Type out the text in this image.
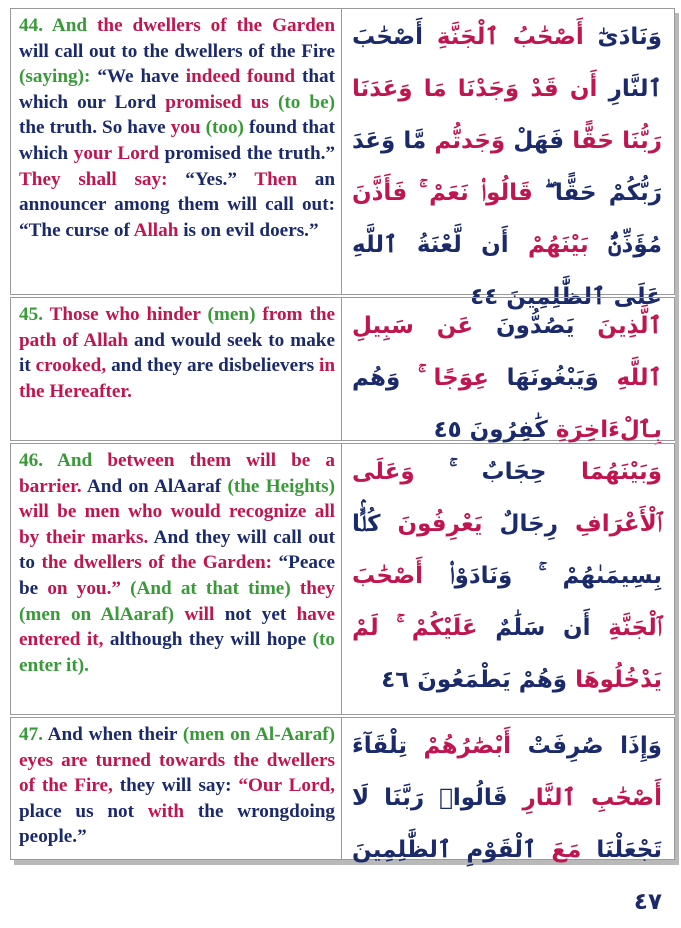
44. And the dwellers of the Garden will call out to the dwellers of the Fire (saying): “We have indeed found that which our Lord promised us (to be) the truth. So have you (too) found that which your Lord promised the truth.” They shall say: “Yes.” Then an announcer among them will call out: “The curse of Allah is on evil doers.”
وَنَادَىٰٓ أَصْحَٰبُ ٱلْجَنَّةِ أَصْحَٰبَ ٱلنَّارِ أَن قَدْ وَجَدْنَا مَا وَعَدَنَا رَبُّنَا حَقًّا فَهَلْ وَجَدتُّم مَّا وَعَدَ رَبُّكُمْ حَقًّا ۖ قَالُوا۟ نَعَمْ ۚ فَأَذَّنَ مُؤَذِّنٌۢ بَيْنَهُمْ أَن لَّعْنَةُ ٱللَّهِ عَلَى ٱلظَّٰلِمِينَ ٤٤
45. Those who hinder (men) from the path of Allah and would seek to make it crooked, and they are disbelievers in the Hereafter.
ٱلَّذِينَ يَصُدُّونَ عَن سَبِيلِ ٱللَّهِ وَيَبْغُونَهَا عِوَجًا ۚ وَهُم بِٱلْءَاخِرَةِ كَٰفِرُونَ ٤٥
46. And between them will be a barrier. And on AlAaraf (the Heights) will be men who would recognize all by their marks. And they will call out to the dwellers of the Garden: “Peace be on you.” (And at that time) they (men on AlAaraf) will not yet have entered it, although they will hope (to enter it).
وَبَيْنَهُمَا حِجَابٌ ۚ وَعَلَى ٱلْأَعْرَافِ رِجَالٌ يَعْرِفُونَ كُلًّۢا بِسِيمَىٰهُمْ ۚ وَنَادَوْا۟ أَصْحَٰبَ ٱلْجَنَّةِ أَن سَلَٰمٌ عَلَيْكُمْ ۚ لَمْ يَدْخُلُوهَا وَهُمْ يَطْمَعُونَ ٤٦
47. And when their (men on Al-Aaraf) eyes are turned towards the dwellers of the Fire, they will say: “Our Lord, place us not with the wrongdoing people.”
وَإِذَا صُرِفَتْ أَبْصَٰرُهُمْ تِلْقَآءَ أَصْحَٰبِ ٱلنَّارِ قَالُوا۟ رَبَّنَا لَا تَجْعَلْنَا مَعَ ٱلْقَوْمِ ٱلظَّٰلِمِينَ ٤٧
